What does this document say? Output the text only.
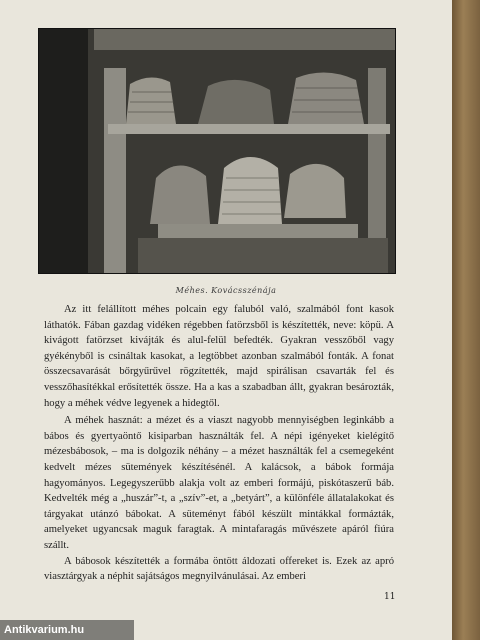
Méhes. Kovácsszénája

Az itt felállított méhes polcain egy faluból való, szalmából font kasok láthatók. Fában gazdag vidéken régebben fatörzsből is készítették, neve: köpü. A kivágott fatörzset kivájták és alul-felül befedték. Gyakran vesszőből vagy gyékényből is csináltak kasokat, a legtöbbet azonban szalmából fonták. A fonat összecsavarását bőrgyűrűvel rögzítették, majd spirálisan csavarták fel és vesszőhasítékkal erősítették össze. Ha a kas a szabadban állt, gyakran besározták, hogy a méhek védve legyenek a hidegtől.

A méhek hasznát: a mézet és a viaszt nagyobb mennyiségben leginkább a bábos és gyertyaöntő kisiparban használták fel. A népi igényeket kielégítő mézesbábosok, – ma is dolgozik néhány – a mézet használták fel a csemegeként kedvelt mézes sütemények készítésénél. A kalácsok, a bábok formája hagyományos. Legegyszerűbb alakja volt az emberi formájú, piskótaszerű báb. Kedvelték még a „huszár”-t, a „szív”-et, a „betyárt”, a különféle állatalakokat és tárgyakat utánzó bábokat. A süteményt fából készült mintákkal formázták, amelyeket ugyancsak maguk faragtak. A mintafaragás művészete apáról fiúra szállt.

A bábosok készítették a formába öntött áldozati offereket is. Ezek az apró viasztárgyak a néphit sajátságos megnyilvánulásai. Az emberi

11
Antikvarium.hu
